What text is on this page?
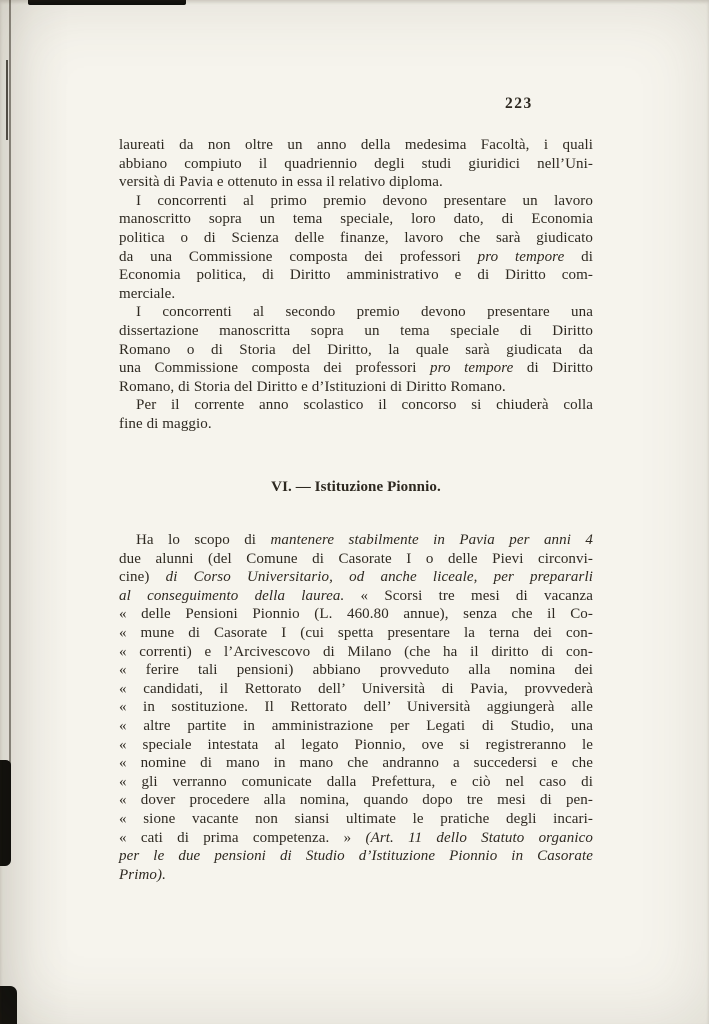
223
laureati da non oltre un anno della medesima Facoltà, i quali
abbiano compiuto il quadriennio degli studi giuridici nell’Uni-
versità di Pavia e ottenuto in essa il relativo diploma.
I concorrenti al primo premio devono presentare un lavoro
manoscritto sopra un tema speciale, loro dato, di Economia
politica o di Scienza delle finanze, lavoro che sarà giudicato
da una Commissione composta dei professori pro tempore di
Economia politica, di Diritto amministrativo e di Diritto com-
merciale.
I concorrenti al secondo premio devono presentare una
dissertazione manoscritta sopra un tema speciale di Diritto
Romano o di Storia del Diritto, la quale sarà giudicata da
una Commissione composta dei professori pro tempore di Diritto
Romano, di Storia del Diritto e d’Istituzioni di Diritto Romano.
Per il corrente anno scolastico il concorso si chiuderà colla
fine di maggio.
VI. — Istituzione Pionnio.
Ha lo scopo di mantenere stabilmente in Pavia per anni 4
due alunni (del Comune di Casorate I o delle Pievi circonvi-
cine) di Corso Universitario, od anche liceale, per prepararli
al conseguimento della laurea. « Scorsi tre mesi di vacanza
« delle Pensioni Pionnio (L. 460.80 annue), senza che il Co-
« mune di Casorate I (cui spetta presentare la terna dei con-
« correnti) e l’Arcivescovo di Milano (che ha il diritto di con-
« ferire tali pensioni) abbiano provveduto alla nomina dei
« candidati, il Rettorato dell’ Università di Pavia, provvederà
« in sostituzione. Il Rettorato dell’ Università aggiungerà alle
« altre partite in amministrazione per Legati di Studio, una
« speciale intestata al legato Pionnio, ove si registreranno le
« nomine di mano in mano che andranno a succedersi e che
« gli verranno comunicate dalla Prefettura, e ciò nel caso di
« dover procedere alla nomina, quando dopo tre mesi di pen-
« sione vacante non siansi ultimate le pratiche degli incari-
« cati di prima competenza. » (Art. 11 dello Statuto organico
per le due pensioni di Studio d’Istituzione Pionnio in Casorate
Primo).
